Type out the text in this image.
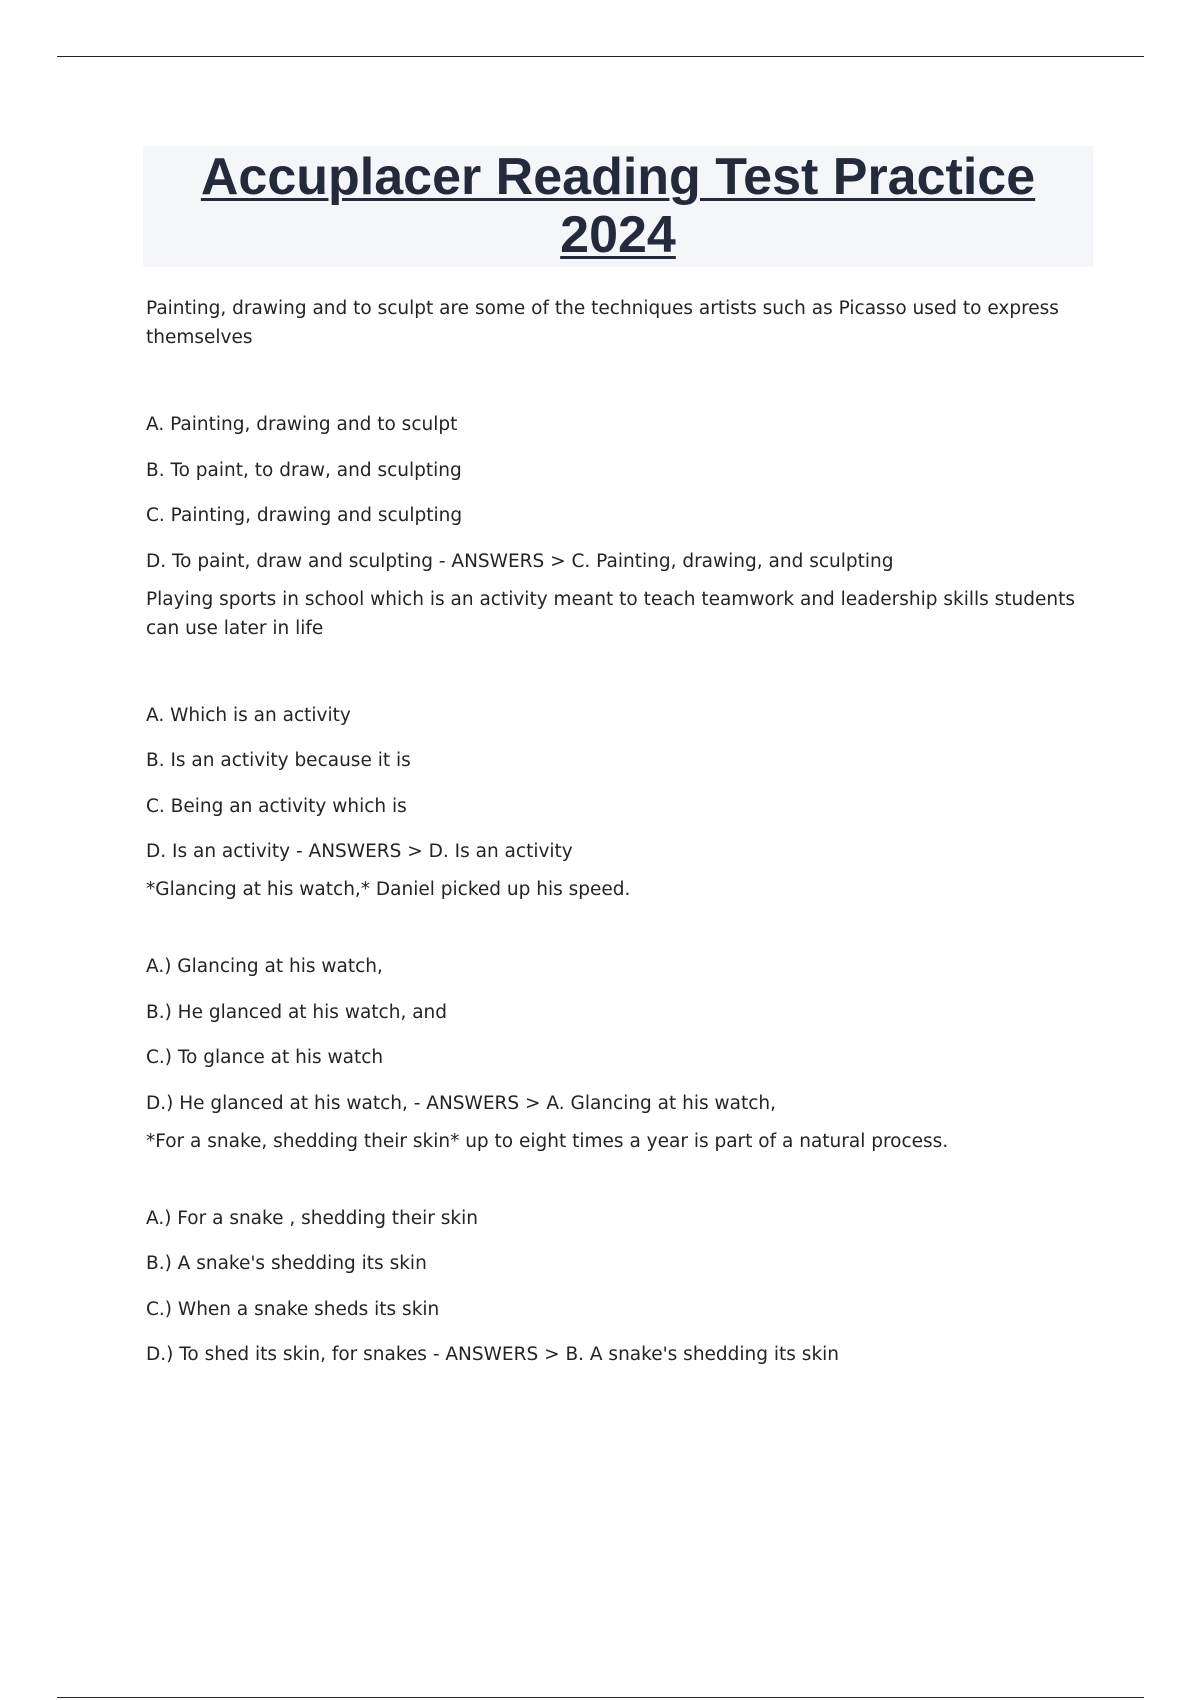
Accuplacer Reading Test Practice 2024

Painting, drawing and to sculpt are some of the techniques artists such as Picasso used to express themselves

A. Painting, drawing and to sculpt

B. To paint, to draw, and sculpting

C. Painting, drawing and sculpting

D. To paint, draw and sculpting - ANSWERS > C. Painting, drawing, and sculpting

Playing sports in school which is an activity meant to teach teamwork and leadership skills students can use later in life

A. Which is an activity

B. Is an activity because it is

C. Being an activity which is

D. Is an activity - ANSWERS > D. Is an activity

*Glancing at his watch,* Daniel picked up his speed.

A.) Glancing at his watch,

B.) He glanced at his watch, and

C.) To glance at his watch

D.) He glanced at his watch, - ANSWERS > A. Glancing at his watch,

*For a snake, shedding their skin* up to eight times a year is part of a natural process.

A.) For a snake , shedding their skin

B.) A snake's shedding its skin

C.) When a snake sheds its skin

D.) To shed its skin, for snakes - ANSWERS > B. A snake's shedding its skin
